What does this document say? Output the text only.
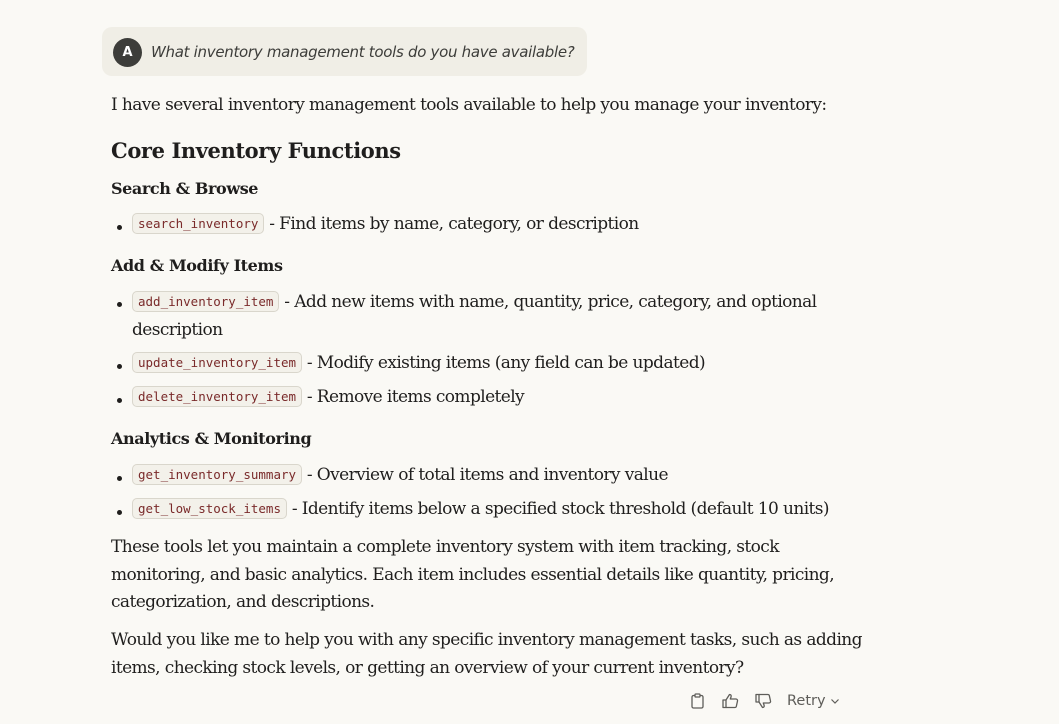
A	What inventory management tools do you have available?
I have several inventory management tools available to help you manage your inventory:
Core Inventory Functions
Search & Browse
search_inventory - Find items by name, category, or description
Add & Modify Items
add_inventory_item - Add new items with name, quantity, price, category, and optional
description
update_inventory_item - Modify existing items (any field can be updated)
delete_inventory_item - Remove items completely
Analytics & Monitoring
get_inventory_summary - Overview of total items and inventory value
get_low_stock_items - Identify items below a specified stock threshold (default 10 units)
These tools let you maintain a complete inventory system with item tracking, stock
monitoring, and basic analytics. Each item includes essential details like quantity, pricing,
categorization, and descriptions.
Would you like me to help you with any specific inventory management tasks, such as adding
items, checking stock levels, or getting an overview of your current inventory?
Retry
